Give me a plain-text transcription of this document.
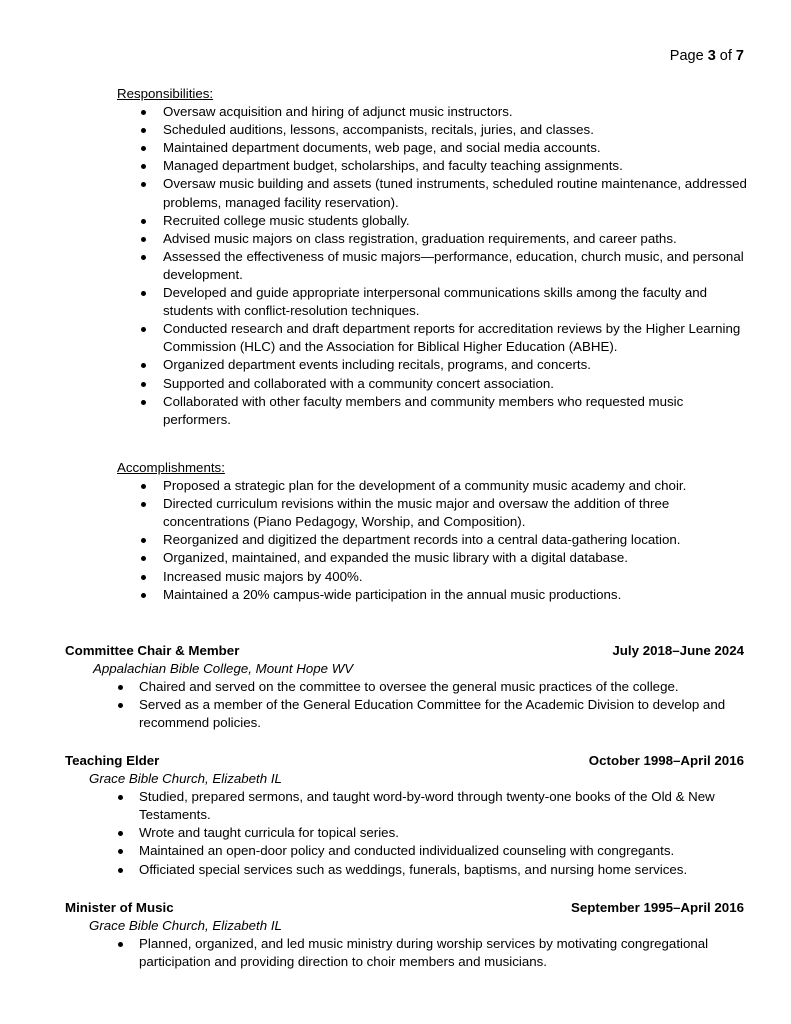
Page 3 of 7

Responsibilities:

Oversaw acquisition and hiring of adjunct music instructors.
Scheduled auditions, lessons, accompanists, recitals, juries, and classes.
Maintained department documents, web page, and social media accounts.
Managed department budget, scholarships, and faculty teaching assignments.
Oversaw music building and assets (tuned instruments, scheduled routine maintenance, addressed problems, managed facility reservation).
Recruited college music students globally.
Advised music majors on class registration, graduation requirements, and career paths.
Assessed the effectiveness of music majors—performance, education, church music, and personal development.
Developed and guide appropriate interpersonal communications skills among the faculty and students with conflict-resolution techniques.
Conducted research and draft department reports for accreditation reviews by the Higher Learning Commission (HLC) and the Association for Biblical Higher Education (ABHE).
Organized department events including recitals, programs, and concerts.
Supported and collaborated with a community concert association.
Collaborated with other faculty members and community members who requested music performers.

Accomplishments:

Proposed a strategic plan for the development of a community music academy and choir.
Directed curriculum revisions within the music major and oversaw the addition of three concentrations (Piano Pedagogy, Worship, and Composition).
Reorganized and digitized the department records into a central data-gathering location.
Organized, maintained, and expanded the music library with a digital database.
Increased music majors by 400%.
Maintained a 20% campus-wide participation in the annual music productions.
Committee Chair & Member	July 2018–June 2024
Appalachian Bible College, Mount Hope WV
Chaired and served on the committee to oversee the general music practices of the college.
Served as a member of the General Education Committee for the Academic Division to develop and recommend policies.
Teaching Elder	October 1998–April 2016
Grace Bible Church, Elizabeth IL
Studied, prepared sermons, and taught word-by-word through twenty-one books of the Old & New Testaments.
Wrote and taught curricula for topical series.
Maintained an open-door policy and conducted individualized counseling with congregants.
Officiated special services such as weddings, funerals, baptisms, and nursing home services.
Minister of Music	September 1995–April 2016
Grace Bible Church, Elizabeth IL
Planned, organized, and led music ministry during worship services by motivating congregational participation and providing direction to choir members and musicians.
